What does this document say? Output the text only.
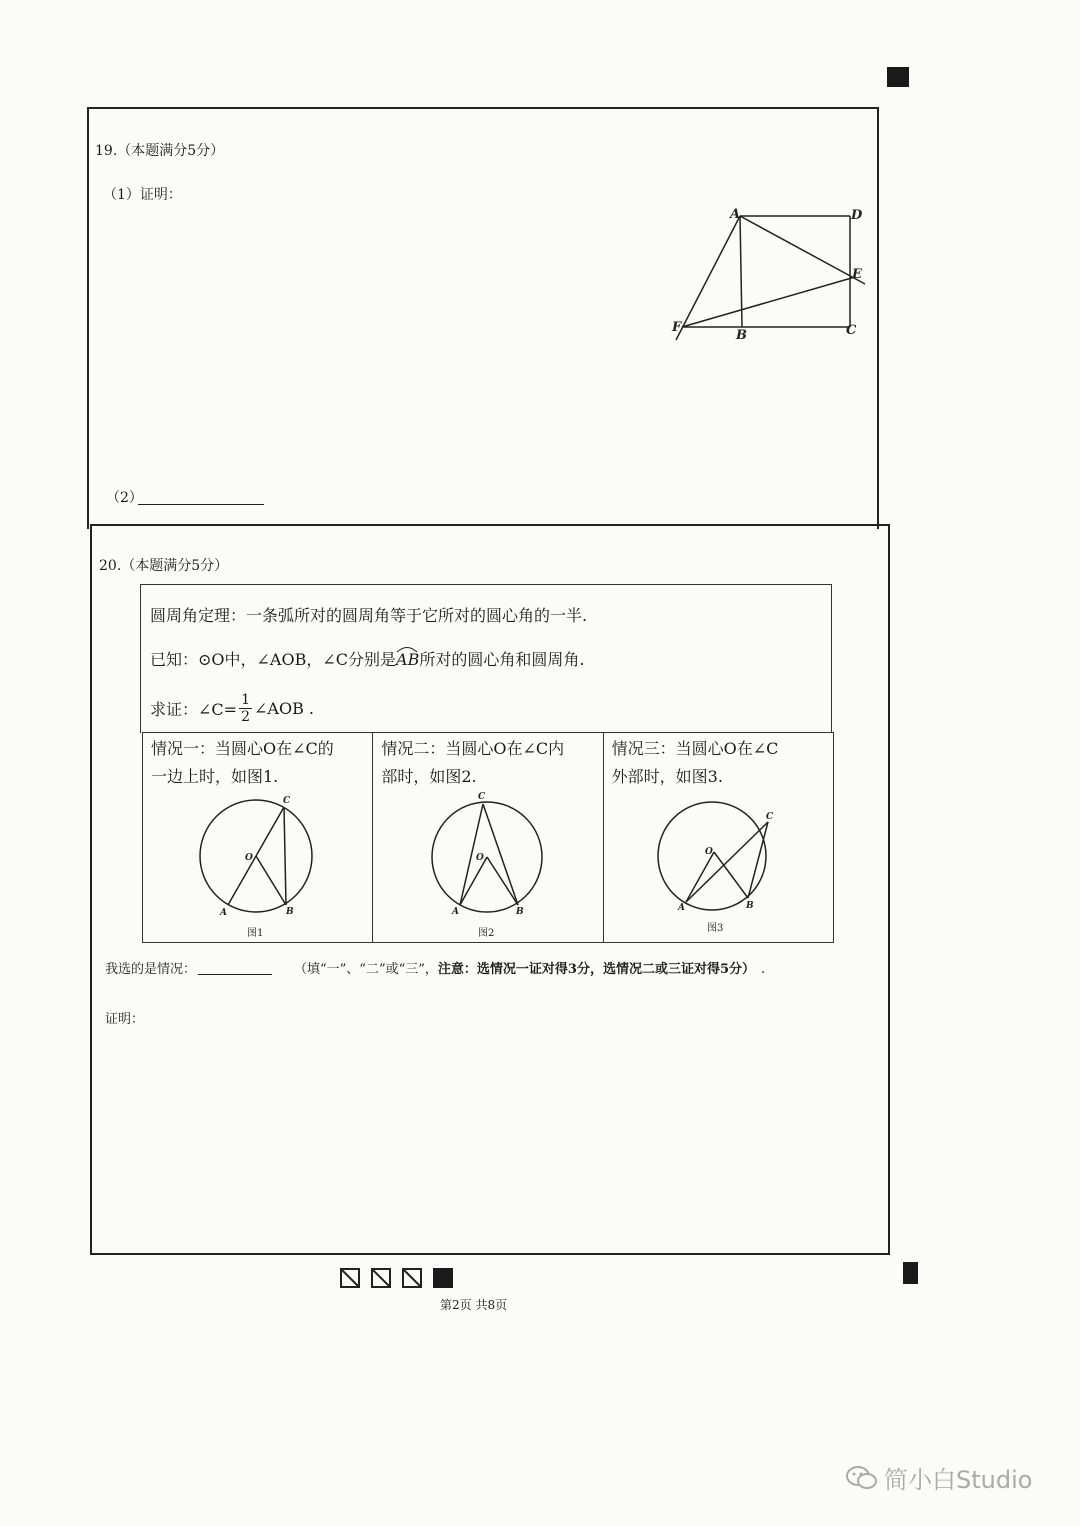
19.（本题满分5分）
（1）证明：
（2）
A	D
E
F
B	C
20.（本题满分5分）
圆周角定理：一条弧所对的圆周角等于它所对的圆心角的一半.
已知：⊙O中，∠AOB，∠C分别是AB
所对的圆心角和圆周角.
求证：∠C= $\frac{1}{2}$ ∠AOB .
情况一：当圆心O在∠C的
一边上时，如图1.
情况二：当圆心O在∠C内
部时，如图2.
情况三：当圆心O在∠C
外部时，如图3.
C
O
A	B
图1
C
O
A	B
图2
C
O
A	B
图3
我选的是情况：	（填“一”、“二”或“三”， 注意：选情况一证对得3分，选情况二或三证对得5分） .
证明：
第2页 共8页
简小白Studio
